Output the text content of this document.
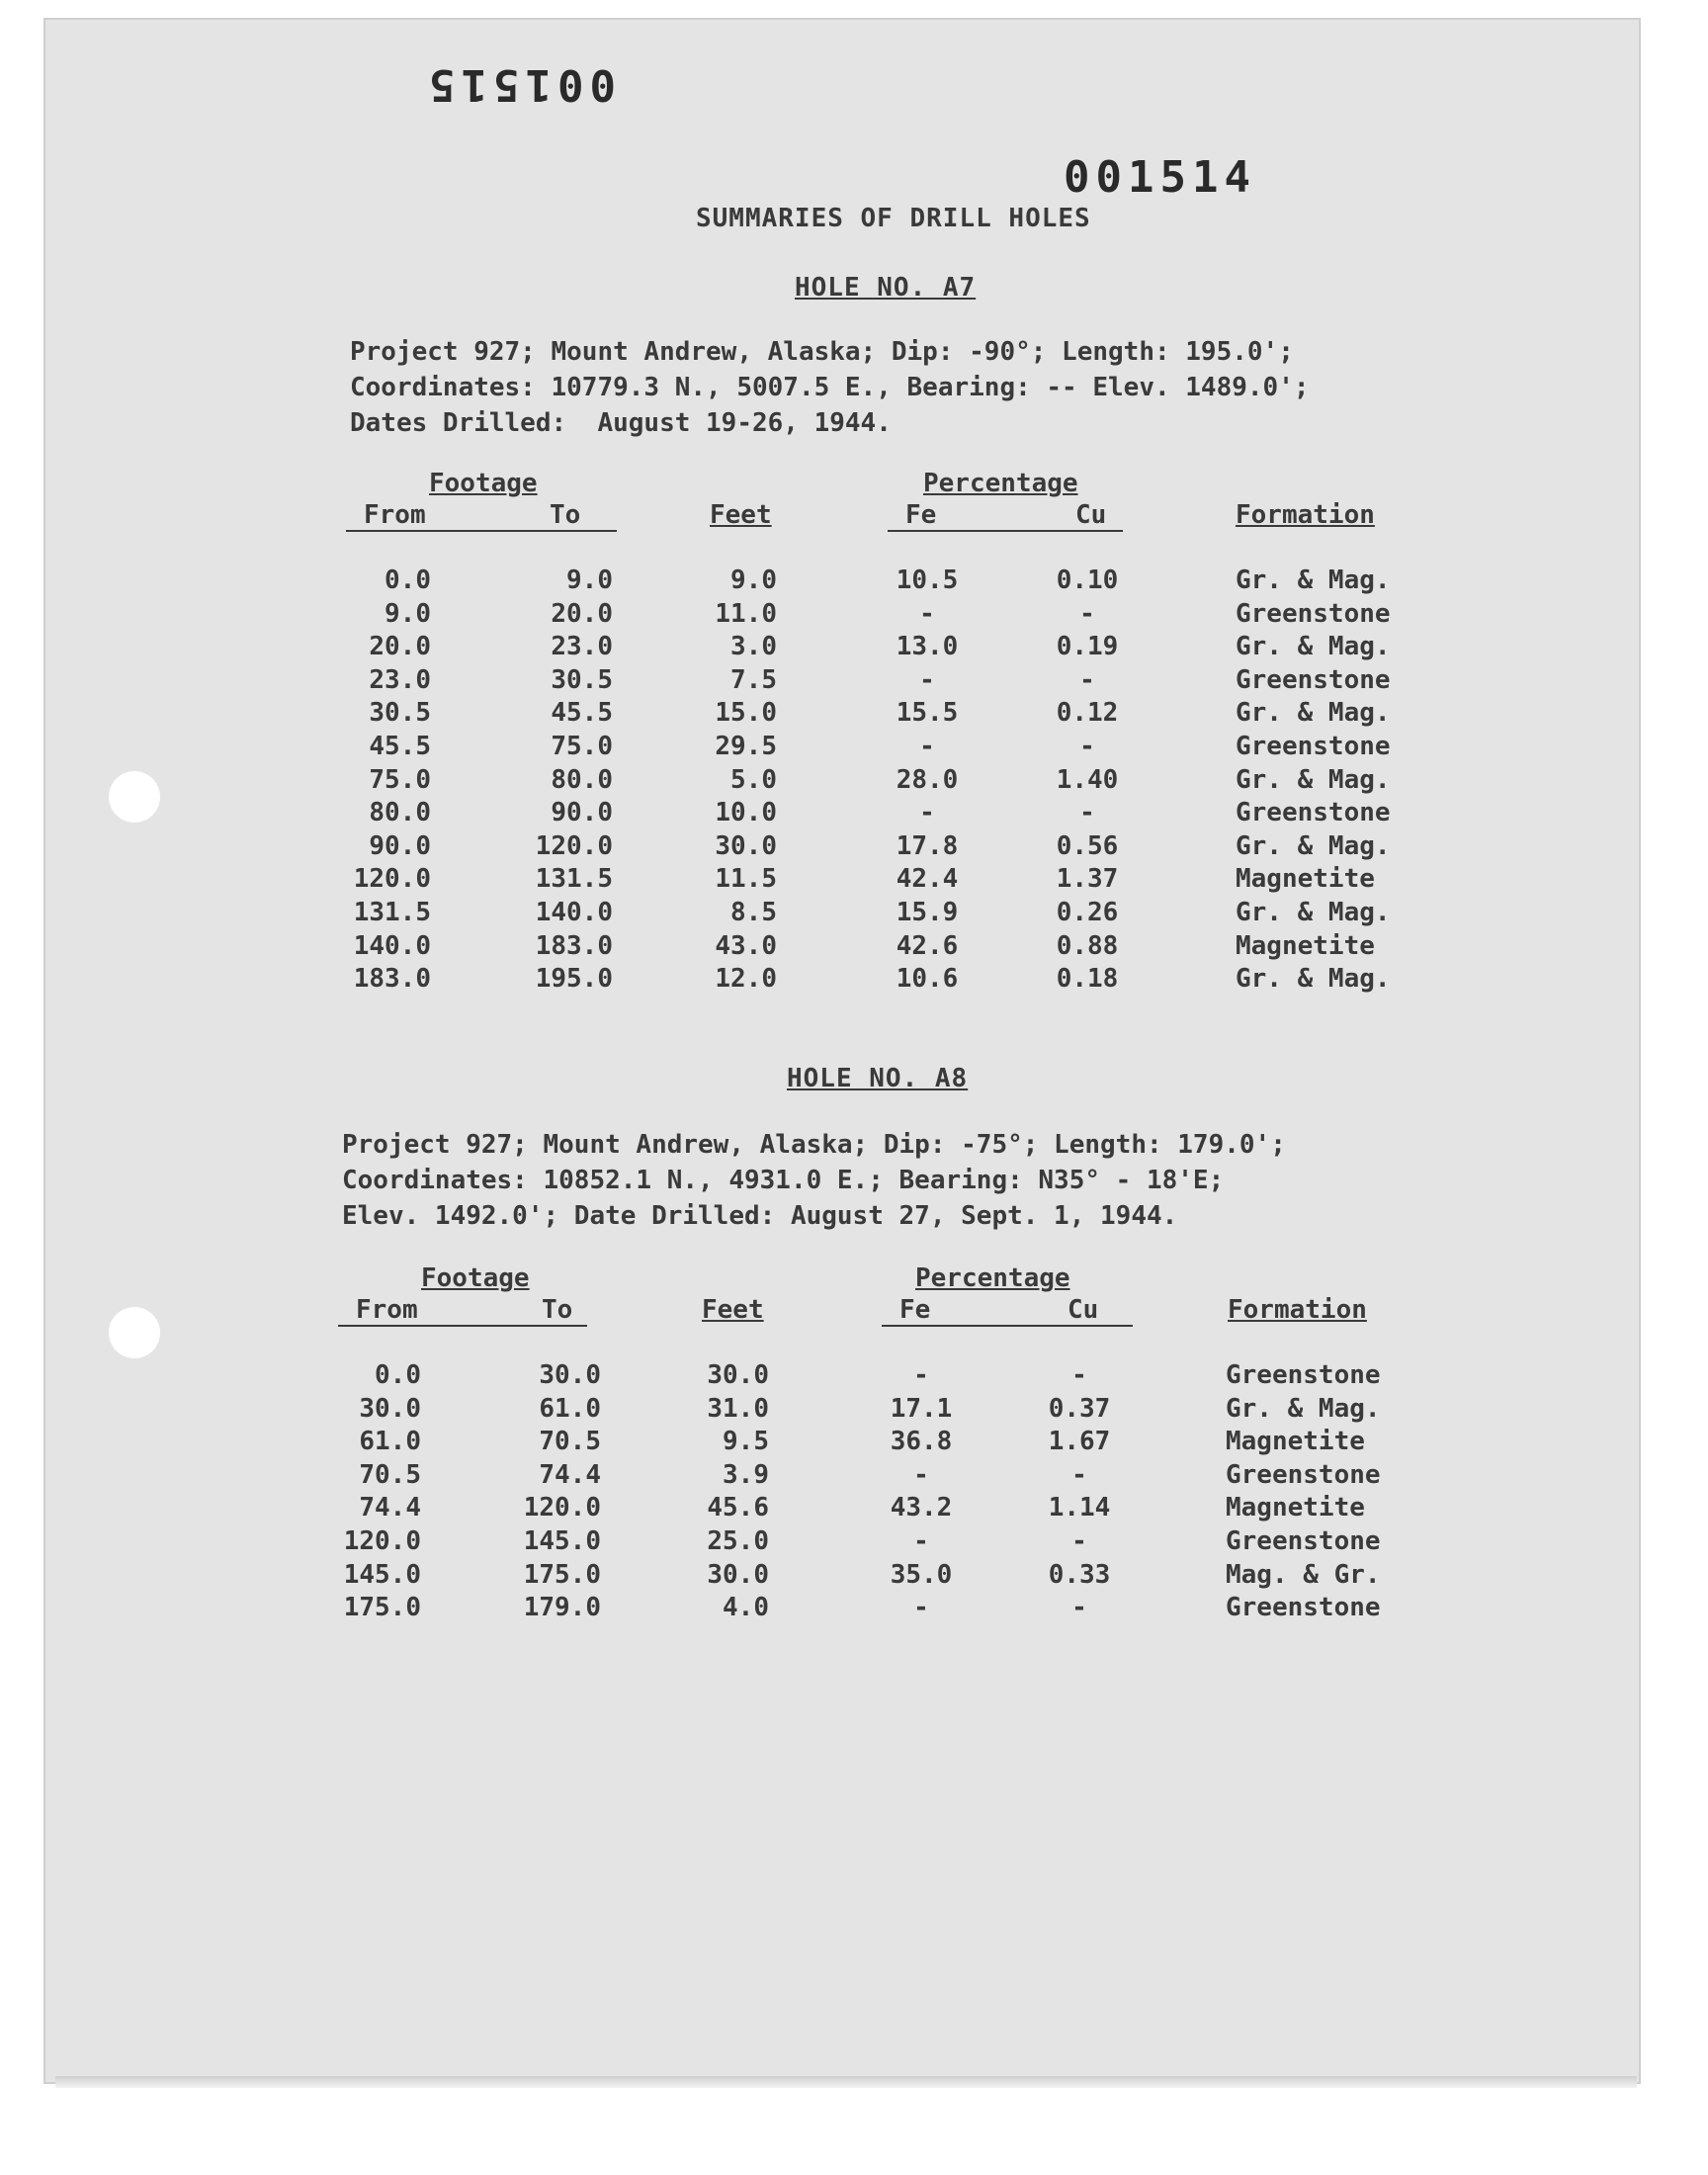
001515
001514
SUMMARIES OF DRILL HOLES
HOLE NO. A7
Project 927; Mount Andrew, Alaska; Dip: -90°; Length: 195.0';
Coordinates: 10779.3 N., 5007.5 E., Bearing: -- Elev. 1489.0';
Dates Drilled:  August 19-26, 1944.
Footage	Percentage
From	To	Feet	Fe	Cu	Formation
0.0	9.0	9.0	10.5	0.10	Gr. & Mag.
9.0	20.0	11.0	-	-	Greenstone
20.0	23.0	3.0	13.0	0.19	Gr. & Mag.
23.0	30.5	7.5	-	-	Greenstone
30.5	45.5	15.0	15.5	0.12	Gr. & Mag.
45.5	75.0	29.5	-	-	Greenstone
75.0	80.0	5.0	28.0	1.40	Gr. & Mag.
80.0	90.0	10.0	-	-	Greenstone
90.0	120.0	30.0	17.8	0.56	Gr. & Mag.
120.0	131.5	11.5	42.4	1.37	Magnetite
131.5	140.0	8.5	15.9	0.26	Gr. & Mag.
140.0	183.0	43.0	42.6	0.88	Magnetite
183.0	195.0	12.0	10.6	0.18	Gr. & Mag.
HOLE NO. A8
Project 927; Mount Andrew, Alaska; Dip: -75°; Length: 179.0';
Coordinates: 10852.1 N., 4931.0 E.; Bearing: N35° - 18'E;
Elev. 1492.0'; Date Drilled: August 27, Sept. 1, 1944.
Footage	Percentage
From	To	Feet	Fe	Cu	Formation
0.0	30.0	30.0	-	-	Greenstone
30.0	61.0	31.0	17.1	0.37	Gr. & Mag.
61.0	70.5	9.5	36.8	1.67	Magnetite
70.5	74.4	3.9	-	-	Greenstone
74.4	120.0	45.6	43.2	1.14	Magnetite
120.0	145.0	25.0	-	-	Greenstone
145.0	175.0	30.0	35.0	0.33	Mag. & Gr.
175.0	179.0	4.0	-	-	Greenstone
